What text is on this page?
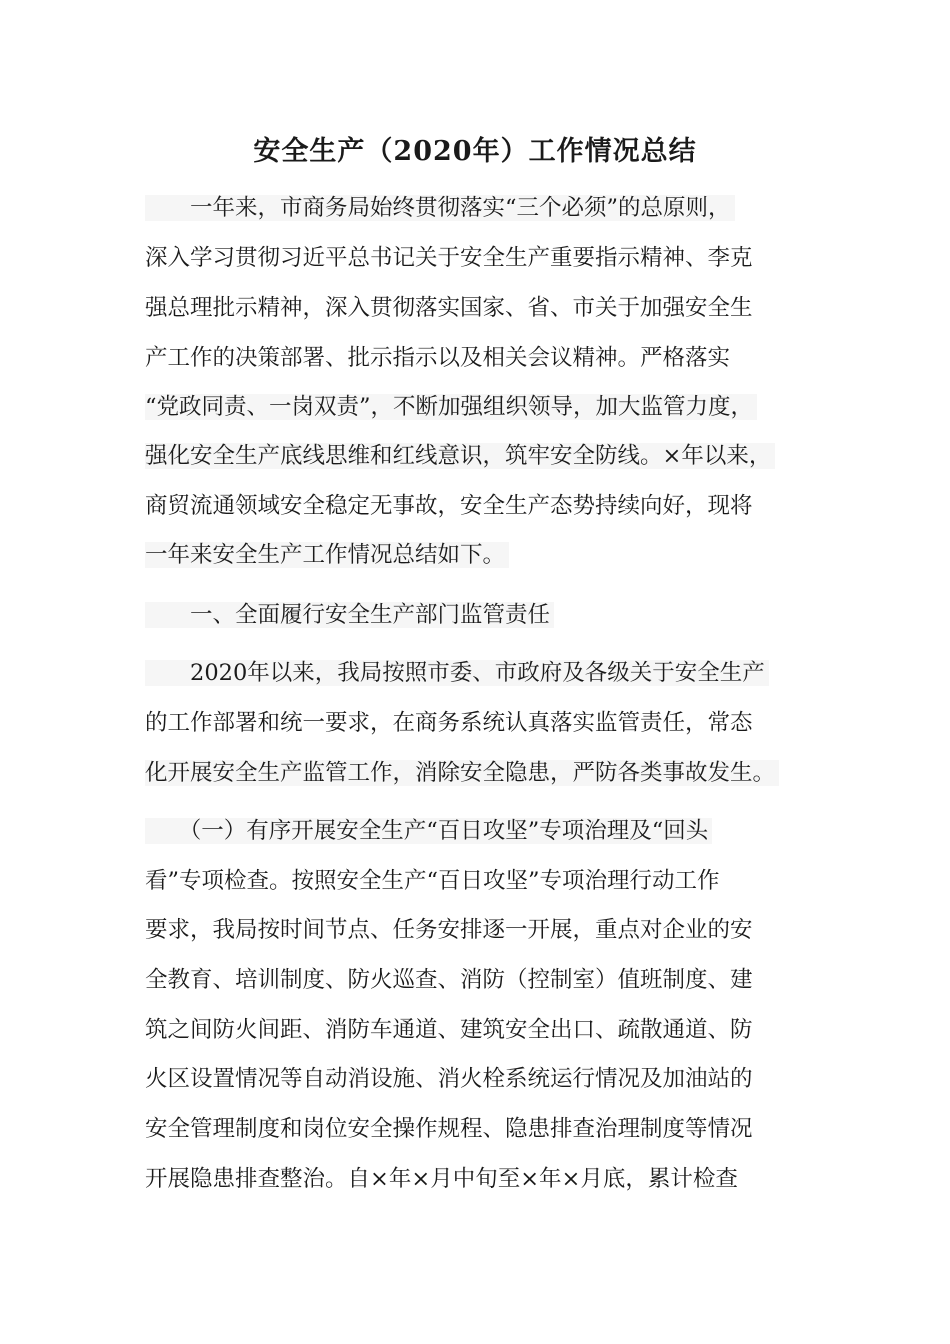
安全生产（2020年）工作情况总结

　　一年来，市商务局始终贯彻落实“三个必须”的总原则，

深入学习贯彻习近平总书记关于安全生产重要指示精神、李克

强总理批示精神，深入贯彻落实国家、省、市关于加强安全生

产工作的决策部署、批示指示以及相关会议精神。严格落实

“党政同责、一岗双责”，不断加强组织领导，加大监管力度，

强化安全生产底线思维和红线意识，筑牢安全防线。×年以来，

商贸流通领域安全稳定无事故，安全生产态势持续向好，现将

一年来安全生产工作情况总结如下。

　　一、全面履行安全生产部门监管责任

　　2020年以来，我局按照市委、市政府及各级关于安全生产

的工作部署和统一要求，在商务系统认真落实监管责任，常态

化开展安全生产监管工作，消除安全隐患，严防各类事故发生。

　　（一）有序开展安全生产“百日攻坚”专项治理及“回头

看”专项检查。按照安全生产“百日攻坚”专项治理行动工作

要求，我局按时间节点、任务安排逐一开展，重点对企业的安

全教育、培训制度、防火巡查、消防（控制室）值班制度、建

筑之间防火间距、消防车通道、建筑安全出口、疏散通道、防

火区设置情况等自动消设施、消火栓系统运行情况及加油站的

安全管理制度和岗位安全操作规程、隐患排查治理制度等情况

开展隐患排查整治。自×年×月中旬至×年×月底，累计检查
